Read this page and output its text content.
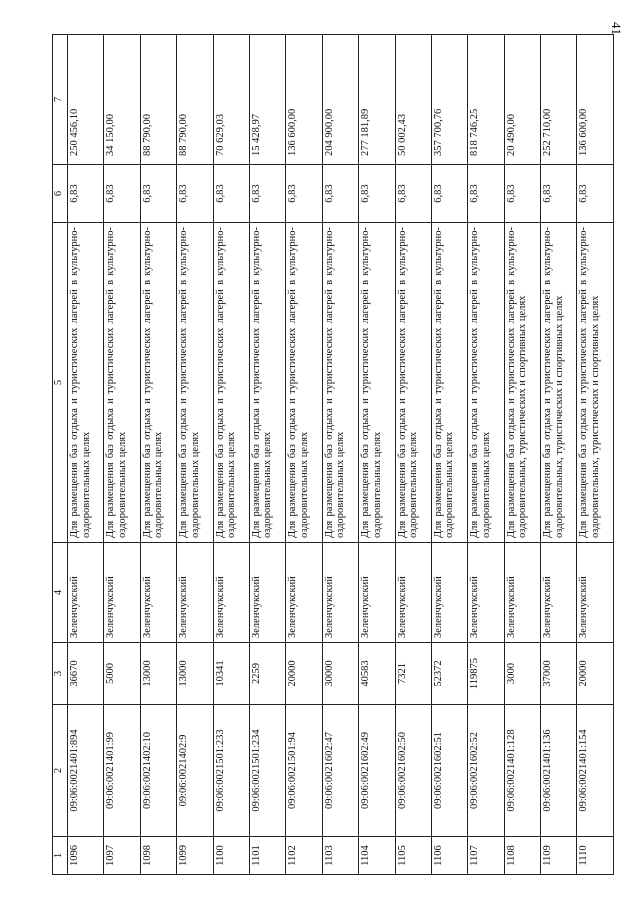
41
1	2	3	4	5	6	7
1096	09:06:0021401:894	36670	Зеленчукский	Для размещения баз отдыха и туристических лагерей в культурно-оздоровительных целях	6,83	250 456,10
1097	09:06:0021401:99	5000	Зеленчукский	Для размещения баз отдыха и туристических лагерей в культурно-оздоровительных целях	6,83	34 150,00
1098	09:06:0021402:10	13000	Зеленчукский	Для размещения баз отдыха и туристических лагерей в культурно-оздоровительных целях	6,83	88 790,00
1099	09:06:0021402:9	13000	Зеленчукский	Для размещения баз отдыха и туристических лагерей в культурно-оздоровительных целях	6,83	88 790,00
1100	09:06:0021501:233	10341	Зеленчукский	Для размещения баз отдыха и туристических лагерей в культурно-оздоровительных целях	6,83	70 629,03
1101	09:06:0021501:234	2259	Зеленчукский	Для размещения баз отдыха и туристических лагерей в культурно-оздоровительных целях	6,83	15 428,97
1102	09:06:0021501:94	20000	Зеленчукский	Для размещения баз отдыха и туристических лагерей в культурно-оздоровительных целях	6,83	136 600,00
1103	09:06:0021602:47	30000	Зеленчукский	Для размещения баз отдыха и туристических лагерей в культурно-оздоровительных целях	6,83	204 900,00
1104	09:06:0021602:49	40583	Зеленчукский	Для размещения баз отдыха и туристических лагерей в культурно-оздоровительных целях	6,83	277 181,89
1105	09:06:0021602:50	7321	Зеленчукский	Для размещения баз отдыха и туристических лагерей в культурно-оздоровительных целях	6,83	50 002,43
1106	09:06:0021602:51	52372	Зеленчукский	Для размещения баз отдыха и туристических лагерей в культурно-оздоровительных целях	6,83	357 700,76
1107	09:06:0021602:52	119875	Зеленчукский	Для размещения баз отдыха и туристических лагерей в культурно-оздоровительных целях	6,83	818 746,25
1108	09:06:0021401:128	3000	Зеленчукский	Для размещения баз отдыха и туристических лагерей в культурно-оздоровительных, туристических и спортивных целях	6,83	20 490,00
1109	09:06:0021401:136	37000	Зеленчукский	Для размещения баз отдыха и туристических лагерей в культурно-оздоровительных, туристических и спортивных целях	6,83	252 710,00
1110	09:06:0021401:154	20000	Зеленчукский	Для размещения баз отдыха и туристических лагерей в культурно-оздоровительных, туристических и спортивных целях	6,83	136 600,00
